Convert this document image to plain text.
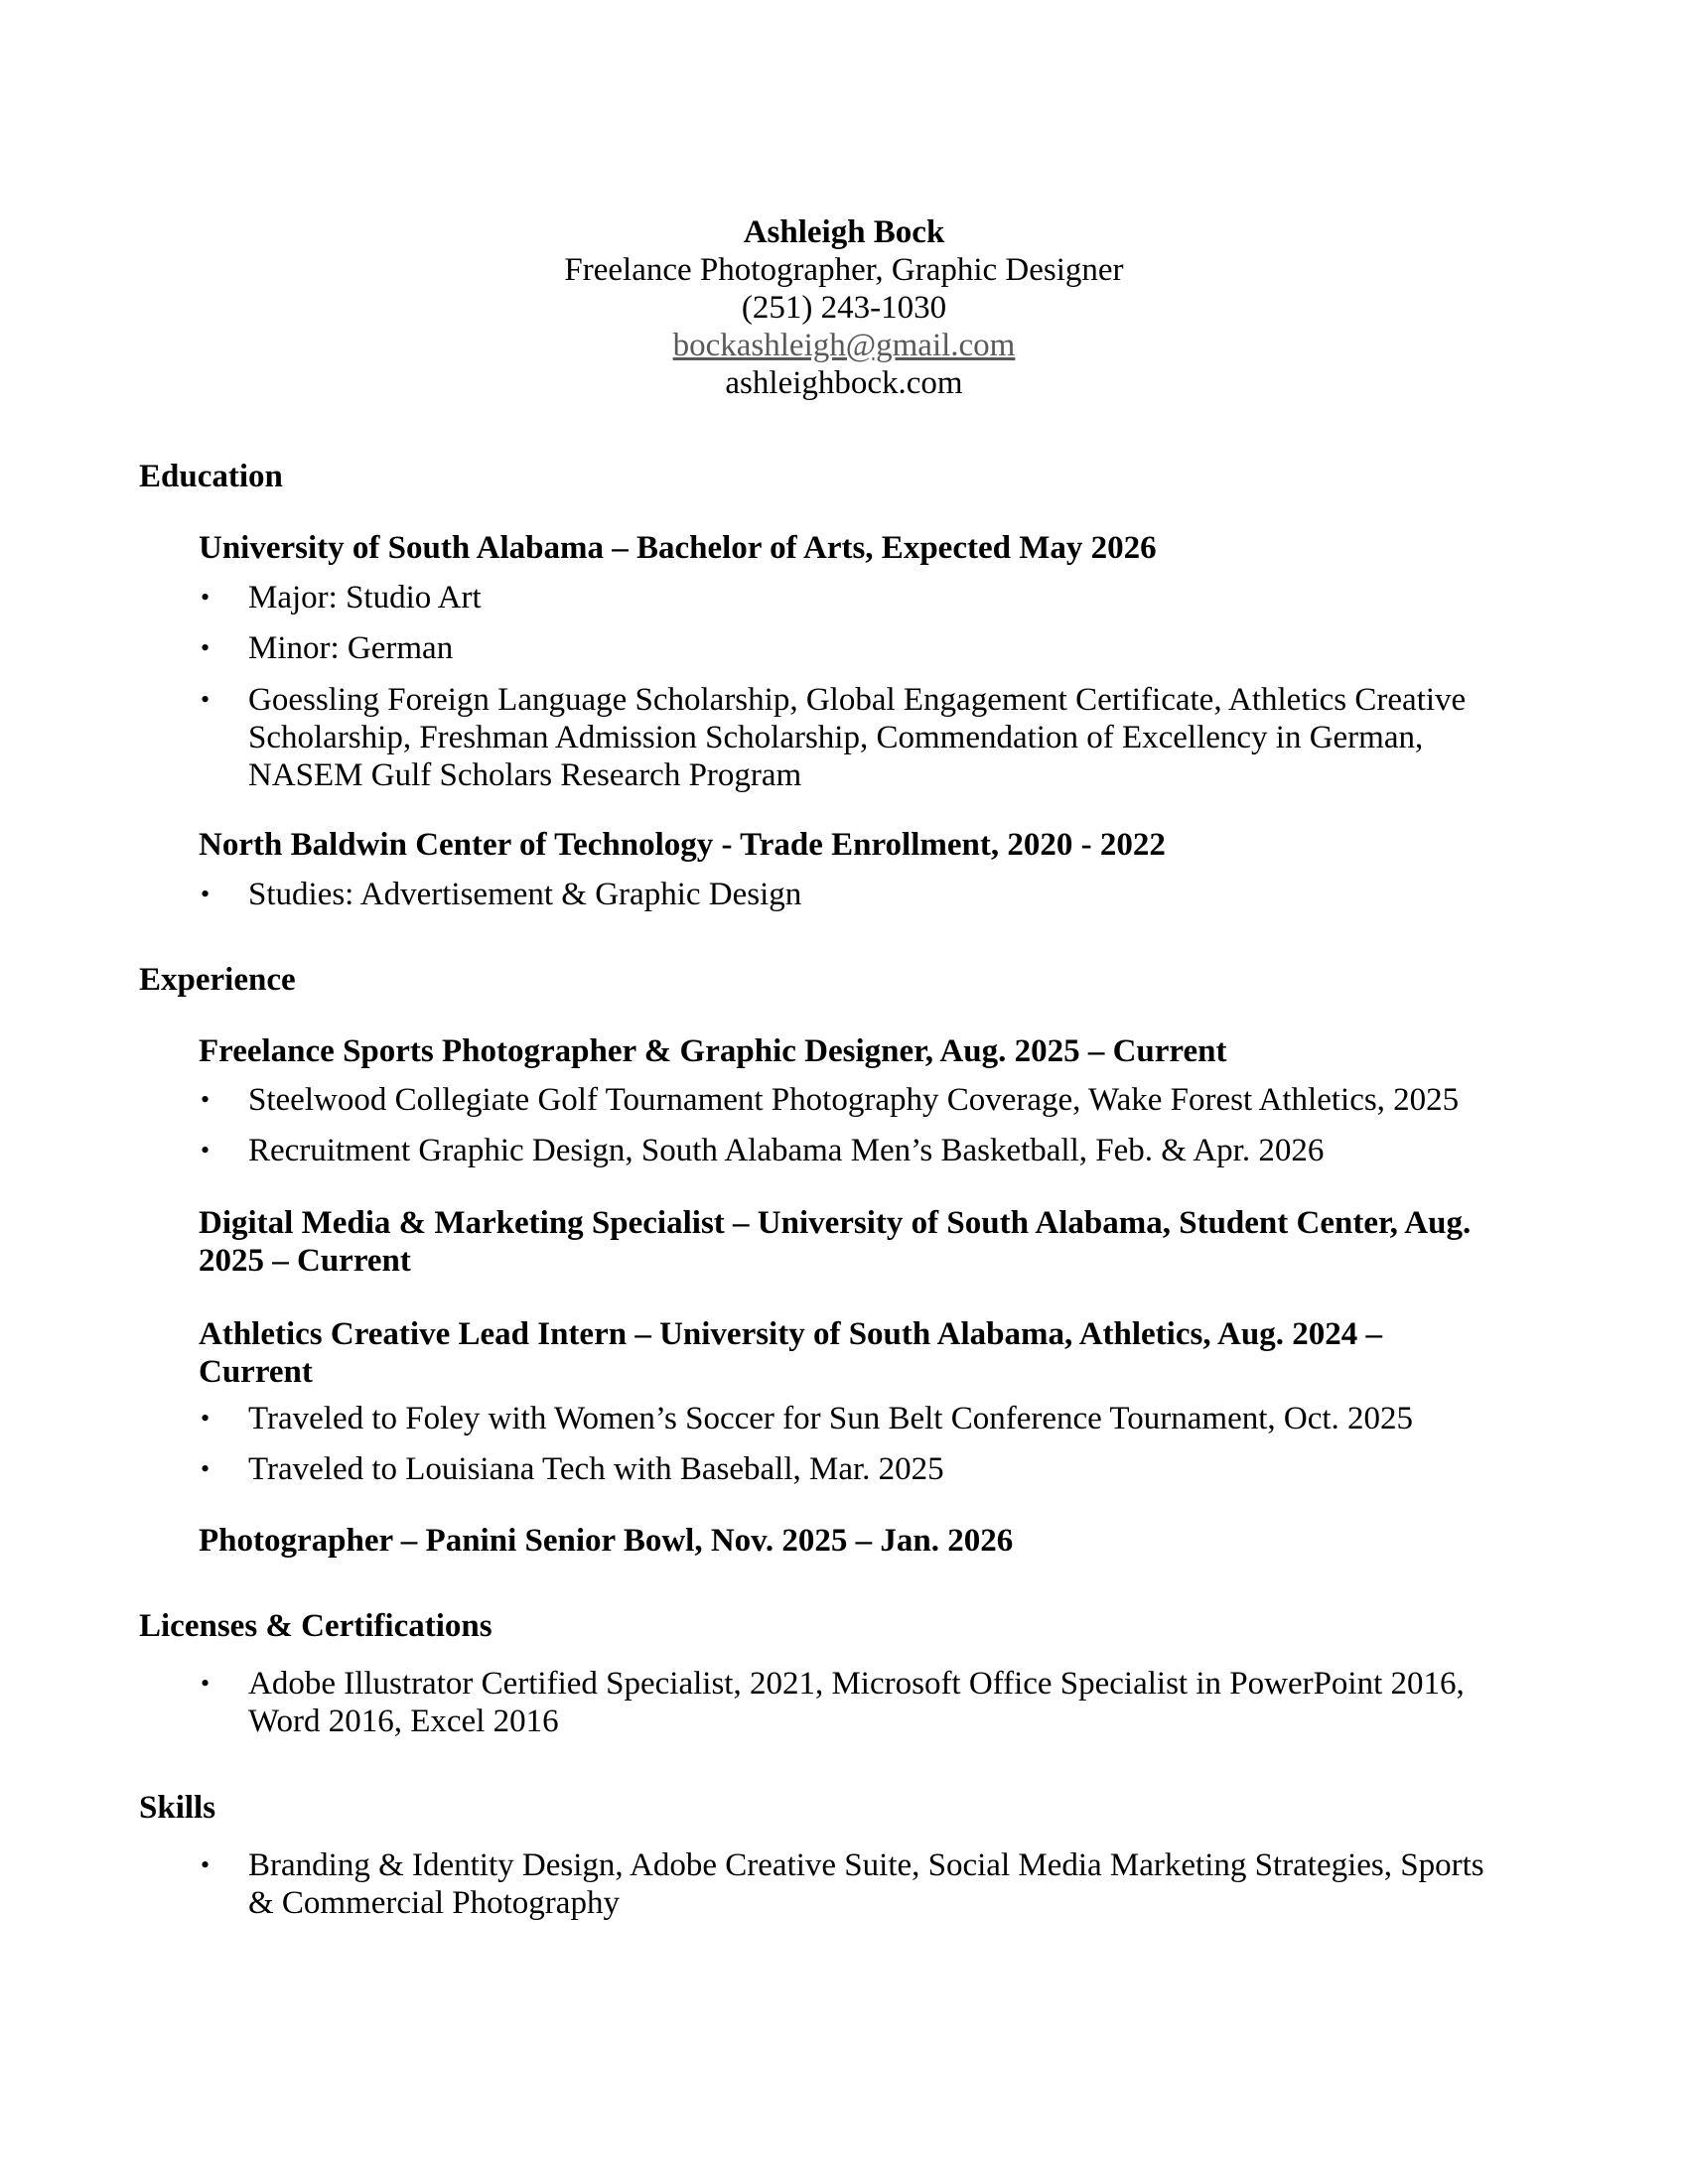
Ashleigh Bock
Freelance Photographer, Graphic Designer
(251) 243-1030
bockashleigh@gmail.com
ashleighbock.com
Education
University of South Alabama – Bachelor of Arts, Expected May 2026
• Major: Studio Art
• Minor: German
• Goessling Foreign Language Scholarship, Global Engagement Certificate, Athletics Creative Scholarship, Freshman Admission Scholarship, Commendation of Excellency in German, NASEM Gulf Scholars Research Program
North Baldwin Center of Technology - Trade Enrollment, 2020 - 2022
• Studies: Advertisement & Graphic Design
Experience
Freelance Sports Photographer & Graphic Designer, Aug. 2025 – Current
• Steelwood Collegiate Golf Tournament Photography Coverage, Wake Forest Athletics, 2025
• Recruitment Graphic Design, South Alabama Men’s Basketball, Feb. & Apr. 2026
Digital Media & Marketing Specialist – University of South Alabama, Student Center, Aug. 2025 – Current
Athletics Creative Lead Intern – University of South Alabama, Athletics, Aug. 2024 – Current
• Traveled to Foley with Women’s Soccer for Sun Belt Conference Tournament, Oct. 2025
• Traveled to Louisiana Tech with Baseball, Mar. 2025
Photographer – Panini Senior Bowl, Nov. 2025 – Jan. 2026
Licenses & Certifications
• Adobe Illustrator Certified Specialist, 2021, Microsoft Office Specialist in PowerPoint 2016, Word 2016, Excel 2016
Skills
• Branding & Identity Design, Adobe Creative Suite, Social Media Marketing Strategies, Sports & Commercial Photography
